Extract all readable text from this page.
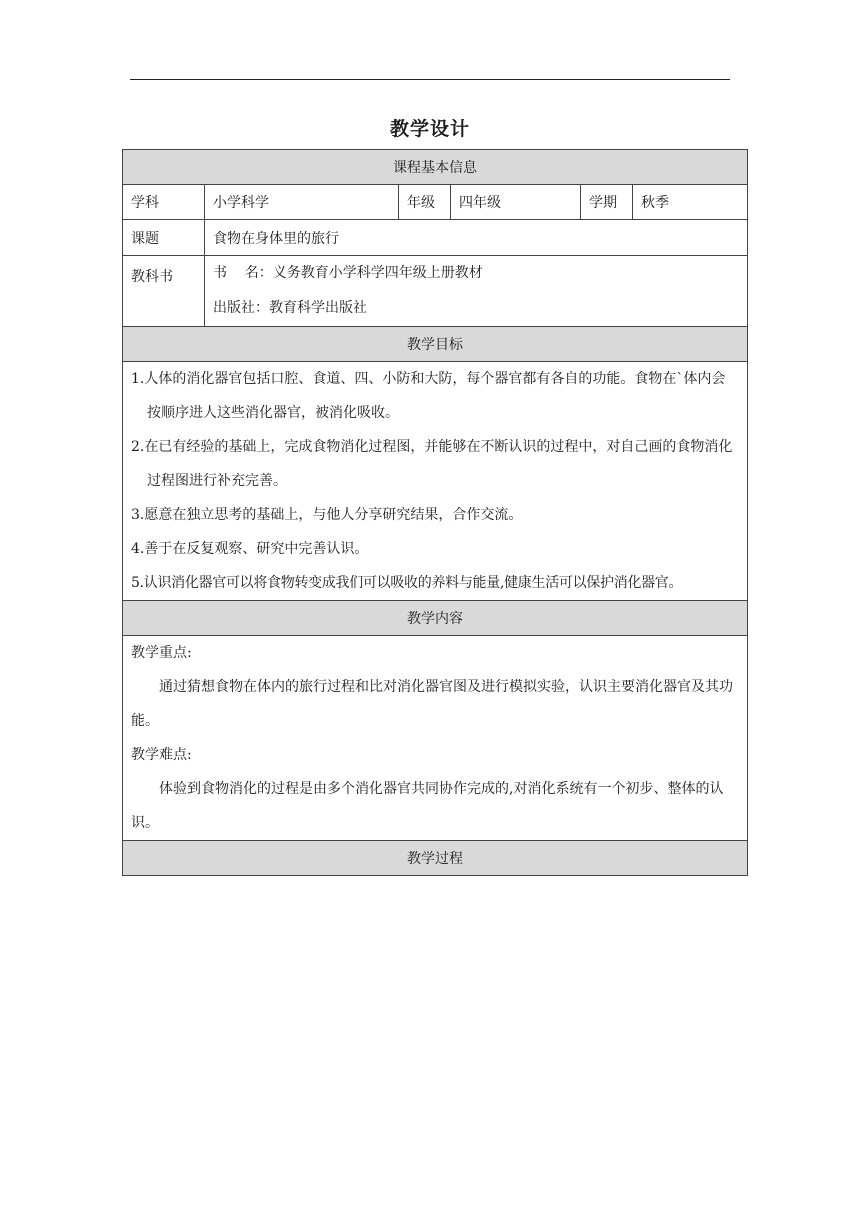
教学设计
课程基本信息					
学科	小学科学	年级	四年级	学期	秋季
课题	食物在身体里的旅行				

教科书	书    名：义务教育小学科学四年级上册教材
出版社：教育科学出版社				

教学目标					

1.人体的消化器官包括口腔、食道、四、小防和大防，每个器官都有各自的功能。食物在`体内会按顺序进人这些消化器官，被消化吸收。
2.在已有经验的基础上，完成食物消化过程图，并能够在不断认识的过程中，对自己画的食物消化过程图进行补充完善。
3.愿意在独立思考的基础上，与他人分享研究结果，合作交流。
4.善于在反复观察、研究中完善认识。
5.认识消化器官可以将食物转变成我们可以吸收的养料与能量,健康生活可以保护消化器官。					

教学内容					

教学重点:
通过猜想食物在体内的旅行过程和比对消化器官图及进行模拟实验，认识主要消化器官及其功能。
教学难点:
体验到食物消化的过程是由多个消化器官共同协作完成的,对消化系统有一个初步、整体的认识。					

教学过程					
